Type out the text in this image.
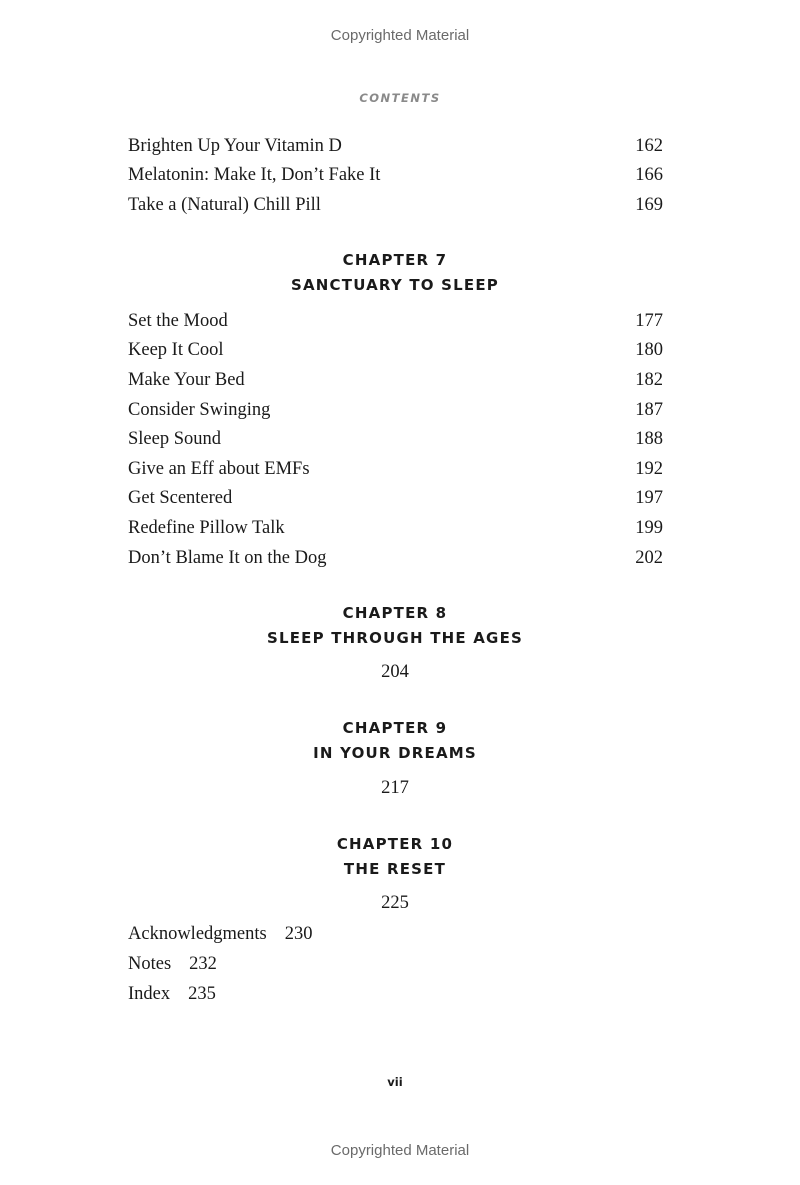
Copyrighted Material
CONTENTS
Brighten Up Your Vitamin D	162
Melatonin: Make It, Don’t Fake It	166
Take a (Natural) Chill Pill	169
CHAPTER 7
SANCTUARY TO SLEEP
Set the Mood	177
Keep It Cool	180
Make Your Bed	182
Consider Swinging	187
Sleep Sound	188
Give an Eff about EMFs	192
Get Scentered	197
Redefine Pillow Talk	199
Don’t Blame It on the Dog	202
CHAPTER 8
SLEEP THROUGH THE AGES
204
CHAPTER 9
IN YOUR DREAMS
217
CHAPTER 10
THE RESET
225
Acknowledgments 230
Notes 232
Index 235
vii
Copyrighted Material
